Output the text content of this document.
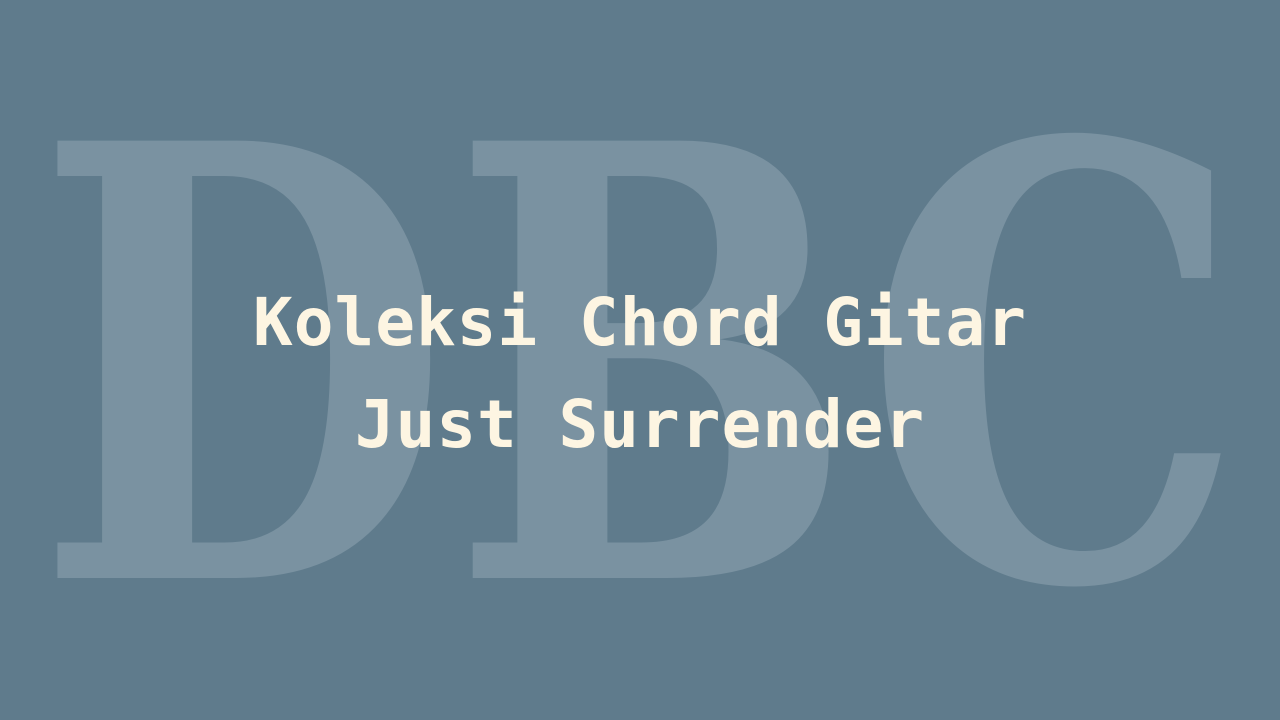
DBC
Koleksi Chord Gitar
Just Surrender
